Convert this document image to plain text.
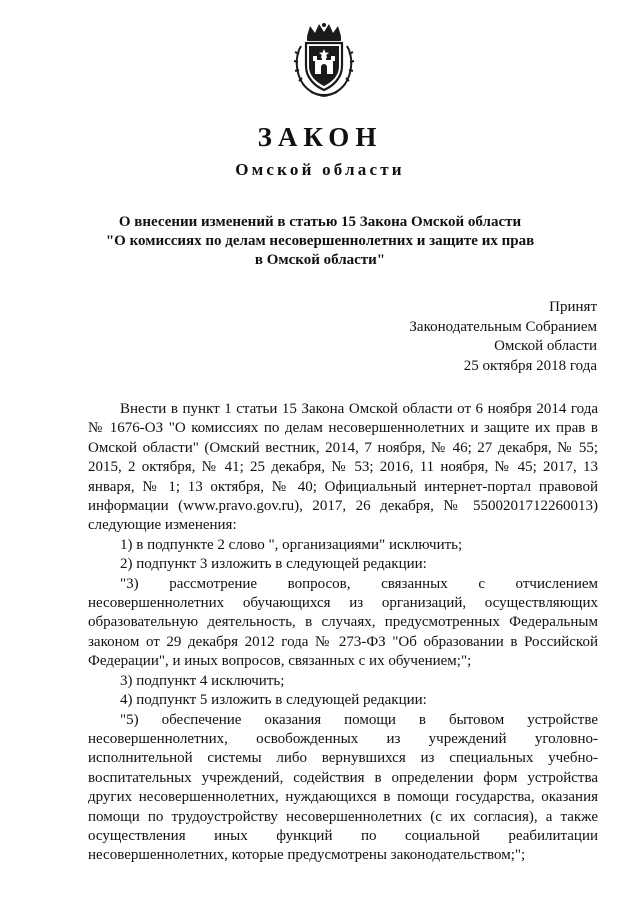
ЗАКОН
Омской области
О внесении изменений в статью 15 Закона Омской области
"О комиссиях по делам несовершеннолетних и защите их прав
в Омской области"
Принят
Законодательным Собранием
Омской области
25 октября 2018 года

Внести в пункт 1 статьи 15 Закона Омской области от 6 ноября 2014 года № 1676-ОЗ "О комиссиях по делам несовершеннолетних и защите их прав в Омской области" (Омский вестник, 2014, 7 ноября, № 46; 27 декабря, № 55; 2015, 2 октября, № 41; 25 декабря, № 53; 2016, 11 ноября, № 45; 2017, 13 января, № 1; 13 октября, № 40; Официальный интернет-портал правовой информации (www.pravo.gov.ru), 2017, 26 декабря, № 5500201712260013) следующие изменения:

1) в подпункте 2 слово ", организациями" исключить;

2) подпункт 3 изложить в следующей редакции:

"3) рассмотрение вопросов, связанных с отчислением несовершеннолетних обучающихся из организаций, осуществляющих образовательную деятельность, в случаях, предусмотренных Федеральным законом от 29 декабря 2012 года № 273-ФЗ "Об образовании в Российской Федерации", и иных вопросов, связанных с их обучением;";

3) подпункт 4 исключить;

4) подпункт 5 изложить в следующей редакции:

"5) обеспечение оказания помощи в бытовом устройстве несовершеннолетних, освобожденных из учреждений уголовно-исполнительной системы либо вернувшихся из специальных учебно-воспитательных учреждений, содействия в определении форм устройства других несовершеннолетних, нуждающихся в помощи государства, оказания помощи по трудоустройству несовершеннолетних (с их согласия), а также осуществления иных функций по социальной реабилитации несовершеннолетних, которые предусмотрены законодательством;";
